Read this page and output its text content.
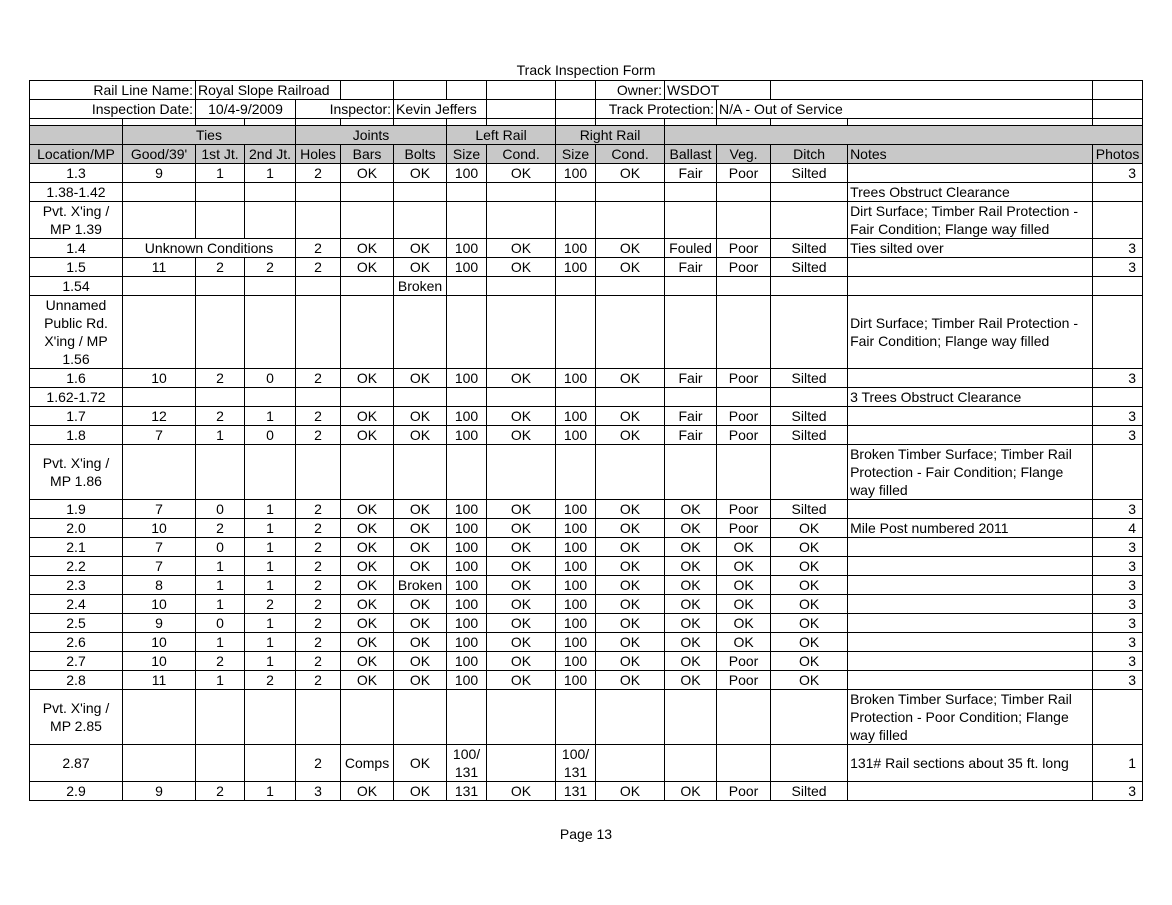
Track Inspection Form
Rail Line Name:		Royal Slope Railroad								Owner:	WSDOT				
Inspection Date:		10/4-9/2009		Inspector:		Kevin Jeffers				Track Protection:		N/A - Out of Service			

	Ties			Joints			Left Rail		Right Rail						
Location/MP	Good/39'	1st Jt.	2nd Jt.	Holes	Bars	Bolts	Size	Cond.	Size	Cond.	Ballast	Veg.	Ditch	Notes	Photos
1.3	9	1	1	2	OK	OK	100	OK	100	OK	Fair	Poor	Silted		3
1.38-1.42														Trees Obstruct Clearance	
Pvt. X'ing / MP 1.39														Dirt Surface; Timber Rail Protection - Fair Condition; Flange way filled	
1.4	Unknown Conditions			2	OK	OK	100	OK	100	OK	Fouled	Poor	Silted	Ties silted over	3
1.5	11	2	2	2	OK	OK	100	OK	100	OK	Fair	Poor	Silted		3
1.54						Broken									
Unnamed Public Rd. X'ing / MP 1.56														Dirt Surface; Timber Rail Protection - Fair Condition; Flange way filled	
1.6	10	2	0	2	OK	OK	100	OK	100	OK	Fair	Poor	Silted		3
1.62-1.72														3 Trees Obstruct Clearance	
1.7	12	2	1	2	OK	OK	100	OK	100	OK	Fair	Poor	Silted		3
1.8	7	1	0	2	OK	OK	100	OK	100	OK	Fair	Poor	Silted		3
Pvt. X'ing / MP 1.86														Broken Timber Surface; Timber Rail Protection - Fair Condition; Flange way filled	
1.9	7	0	1	2	OK	OK	100	OK	100	OK	OK	Poor	Silted		3
2.0	10	2	1	2	OK	OK	100	OK	100	OK	OK	Poor	OK	Mile Post numbered 2011	4
2.1	7	0	1	2	OK	OK	100	OK	100	OK	OK	OK	OK		3
2.2	7	1	1	2	OK	OK	100	OK	100	OK	OK	OK	OK		3
2.3	8	1	1	2	OK	Broken	100	OK	100	OK	OK	OK	OK		3
2.4	10	1	2	2	OK	OK	100	OK	100	OK	OK	OK	OK		3
2.5	9	0	1	2	OK	OK	100	OK	100	OK	OK	OK	OK		3
2.6	10	1	1	2	OK	OK	100	OK	100	OK	OK	OK	OK		3
2.7	10	2	1	2	OK	OK	100	OK	100	OK	OK	Poor	OK		3
2.8	11	1	2	2	OK	OK	100	OK	100	OK	OK	Poor	OK		3
Pvt. X'ing / MP 2.85														Broken Timber Surface; Timber Rail Protection - Poor Condition; Flange way filled	
2.87				2	Comps	OK	100/ 131		100/ 131					131# Rail sections about 35 ft. long	1
2.9	9	2	1	3	OK	OK	131	OK	131	OK	OK	Poor	Silted		3
Page 13
